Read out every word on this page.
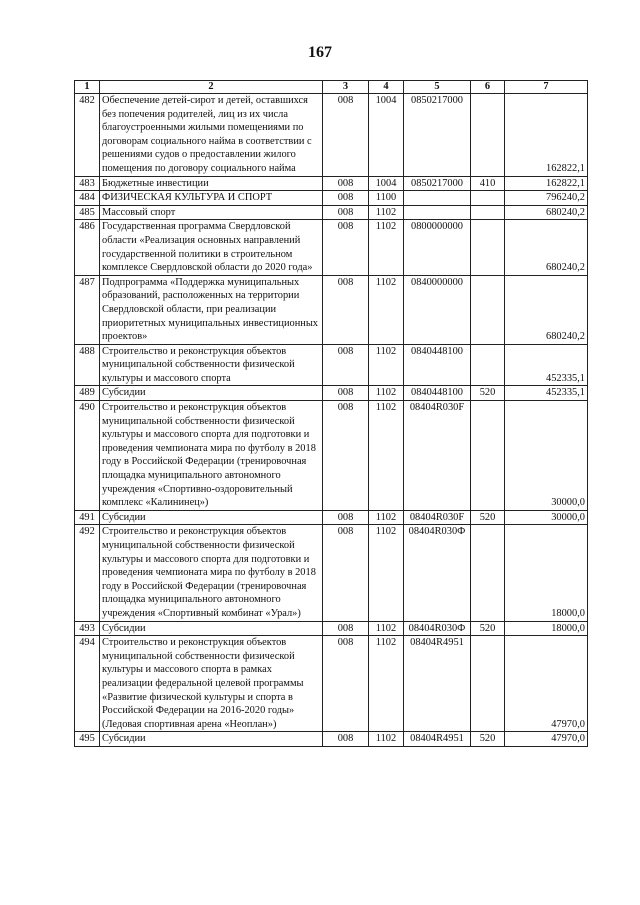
167
1	2	3	4	5	6	7
482	Обеспечение детей-сирот и детей, оставшихся без попечения родителей, лиц из их числа благоустроенными жилыми помещениями по договорам социального найма в соответствии с решениями судов о предоставлении жилого помещения по договору социального найма	008	1004	0850217000		162822,1
483	Бюджетные инвестиции	008	1004	0850217000	410	162822,1
484	ФИЗИЧЕСКАЯ КУЛЬТУРА И СПОРТ	008	1100			796240,2
485	Массовый спорт	008	1102			680240,2
486	Государственная программа Свердловской области «Реализация основных направлений государственной политики в строительном комплексе Свердловской области до 2020 года»	008	1102	0800000000		680240,2
487	Подпрограмма «Поддержка муниципальных образований, расположенных на территории Свердловской области, при реализации приоритетных муниципальных инвестиционных проектов»	008	1102	0840000000		680240,2
488	Строительство и реконструкция объектов муниципальной собственности физической культуры и массового спорта	008	1102	0840448100		452335,1
489	Субсидии	008	1102	0840448100	520	452335,1
490	Строительство и реконструкция объектов муниципальной собственности физической культуры и массового спорта для подготовки и проведения чемпионата мира по футболу в 2018 году в Российской Федерации (тренировочная площадка муниципального автономного учреждения «Спортивно-оздоровительный комплекс «Калининец»)	008	1102	08404R030F		30000,0
491	Субсидии	008	1102	08404R030F	520	30000,0
492	Строительство и реконструкция объектов муниципальной собственности физической культуры и массового спорта для подготовки и проведения чемпионата мира по футболу в 2018 году в Российской Федерации (тренировочная площадка муниципального автономного учреждения «Спортивный комбинат «Урал»)	008	1102	08404R030Ф		18000,0
493	Субсидии	008	1102	08404R030Ф	520	18000,0
494	Строительство и реконструкция объектов муниципальной собственности физической культуры и массового спорта в рамках реализации федеральной целевой программы «Развитие физической культуры и спорта в Российской Федерации на 2016-2020 годы» (Ледовая спортивная арена «Неоплан»)	008	1102	08404R4951		47970,0
495	Субсидии	008	1102	08404R4951	520	47970,0
